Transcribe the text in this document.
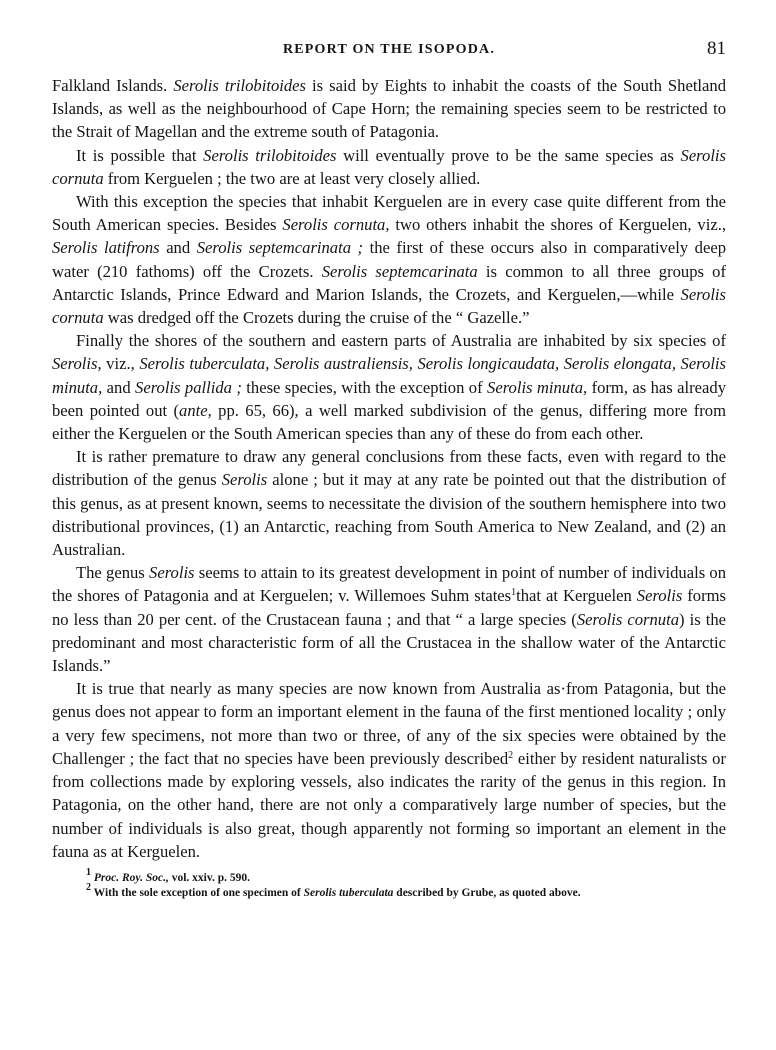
REPORT ON THE ISOPODA.	81

Falkland Islands. Serolis trilobitoides is said by Eights to inhabit the coasts of the South Shetland Islands, as well as the neighbourhood of Cape Horn; the remaining species seem to be restricted to the Strait of Magellan and the extreme south of Patagonia.

It is possible that Serolis trilobitoides will eventually prove to be the same species as Serolis cornuta from Kerguelen ; the two are at least very closely allied.

With this exception the species that inhabit Kerguelen are in every case quite different from the South American species. Besides Serolis cornuta, two others inhabit the shores of Kerguelen, viz., Serolis latifrons and Serolis septemcarinata ; the first of these occurs also in comparatively deep water (210 fathoms) off the Crozets. Serolis septemcarinata is common to all three groups of Antarctic Islands, Prince Edward and Marion Islands, the Crozets, and Kerguelen,—while Serolis cornuta was dredged off the Crozets during the cruise of the “ Gazelle.”

Finally the shores of the southern and eastern parts of Australia are inhabited by six species of Serolis, viz., Serolis tuberculata, Serolis australiensis, Serolis longicaudata, Serolis elongata, Serolis minuta, and Serolis pallida ; these species, with the exception of Serolis minuta, form, as has already been pointed out (ante, pp. 65, 66), a well marked subdivision of the genus, differing more from either the Kerguelen or the South American species than any of these do from each other.

It is rather premature to draw any general conclusions from these facts, even with regard to the distribution of the genus Serolis alone ; but it may at any rate be pointed out that the distribution of this genus, as at present known, seems to necessitate the division of the southern hemisphere into two distributional provinces, (1) an Antarctic, reaching from South America to New Zealand, and (2) an Australian.

The genus Serolis seems to attain to its greatest development in point of number of individuals on the shores of Patagonia and at Kerguelen; v. Willemoes Suhm states$^1$that at Kerguelen Serolis forms no less than 20 per cent. of the Crustacean fauna ; and that “ a large species (Serolis cornuta) is the predominant and most characteristic form of all the Crustacea in the shallow water of the Antarctic Islands.”

It is true that nearly as many species are now known from Australia as·from Patagonia, but the genus does not appear to form an important element in the fauna of the first mentioned locality ; only a very few specimens, not more than two or three, of any of the six species were obtained by the Challenger ; the fact that no species have been previously described$^2$ either by resident naturalists or from collections made by exploring vessels, also indicates the rarity of the genus in this region. In Patagonia, on the other hand, there are not only a comparatively large number of species, but the number of individuals is also great, though apparently not forming so important an element in the fauna as at Kerguelen.

$^1$ Proc. Roy. Soc., vol. xxiv. p. 590.
$^2$ With the sole exception of one specimen of Serolis tuberculata described by Grube, as quoted above.
